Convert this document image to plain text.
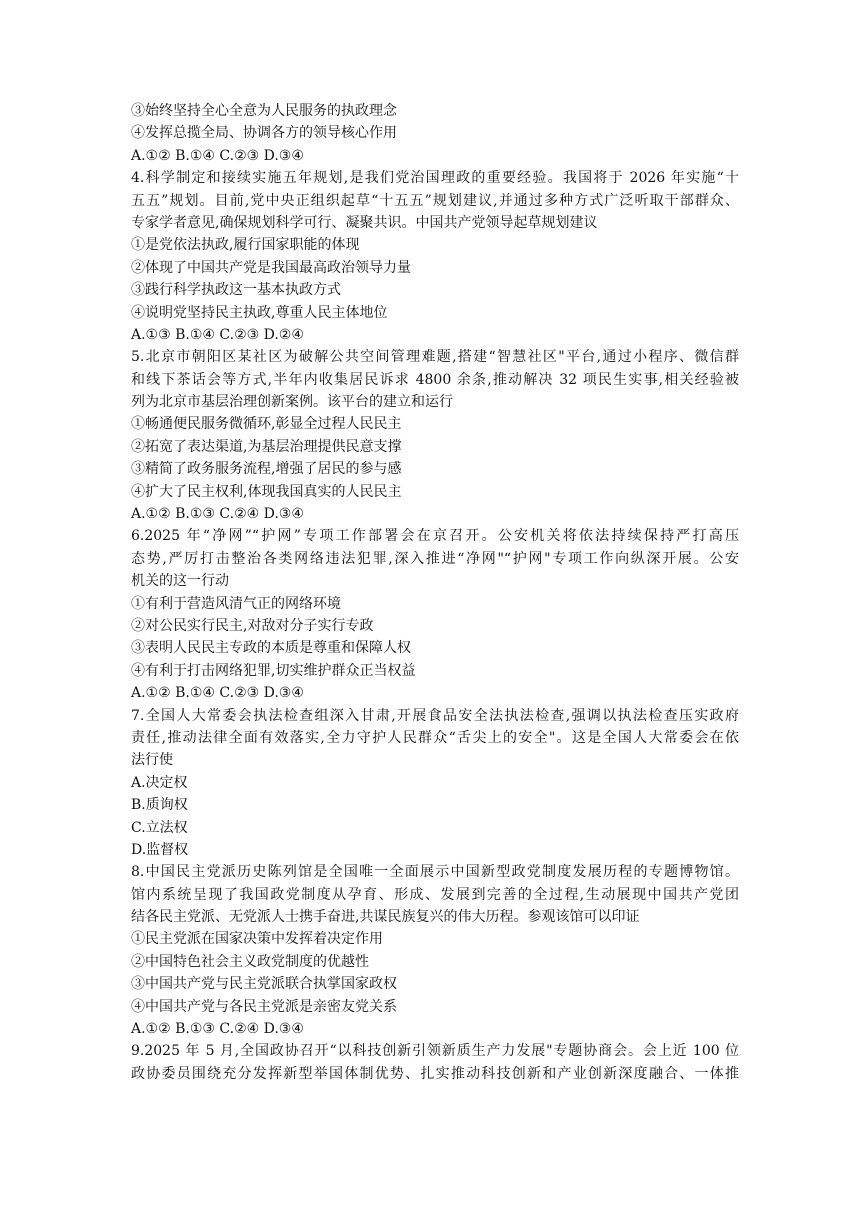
③始终坚持全心全意为人民服务的执政理念
④发挥总揽全局、协调各方的领导核心作用
A.①② B.①④ C.②③ D.③④
4.科学制定和接续实施五年规划,是我们党治国理政的重要经验。我国将于 2026 年实施“十
五五”规划。目前,党中央正组织起草“十五五”规划建议,并通过多种方式广泛听取干部群众、
专家学者意见,确保规划科学可行、凝聚共识。中国共产党领导起草规划建议
①是党依法执政,履行国家职能的体现
②体现了中国共产党是我国最高政治领导力量
③践行科学执政这一基本执政方式
④说明党坚持民主执政,尊重人民主体地位
A.①③ B.①④ C.②③ D.②④
5.北京市朝阳区某社区为破解公共空间管理难题,搭建“智慧社区"平台,通过小程序、微信群
和线下茶话会等方式,半年内收集居民诉求 4800 余条,推动解决 32 项民生实事,相关经验被
列为北京市基层治理创新案例。该平台的建立和运行
①畅通便民服务微循环,彰显全过程人民民主
②拓宽了表达渠道,为基层治理提供民意支撑
③精简了政务服务流程,增强了居民的参与感
④扩大了民主权利,体现我国真实的人民民主
A.①② B.①③ C.②④ D.③④
6.2025 年“净网”“护网”专项工作部署会在京召开。公安机关将依法持续保持严打高压
态势,严厉打击整治各类网络违法犯罪,深入推进“净网"“护网"专项工作向纵深开展。公安
机关的这一行动
①有利于营造风清气正的网络环境
②对公民实行民主,对敌对分子实行专政
③表明人民民主专政的本质是尊重和保障人权
④有利于打击网络犯罪,切实维护群众正当权益
A.①② B.①④ C.②③ D.③④
7.全国人大常委会执法检查组深入甘肃,开展食品安全法执法检查,强调以执法检查压实政府
责任,推动法律全面有效落实,全力守护人民群众“舌尖上的安全"。这是全国人大常委会在依
法行使
A.决定权
B.质询权
C.立法权
D.监督权
8.中国民主党派历史陈列馆是全国唯一全面展示中国新型政党制度发展历程的专题博物馆。
馆内系统呈现了我国政党制度从孕育、形成、发展到完善的全过程,生动展现中国共产党团
结各民主党派、无党派人士携手奋进,共谋民族复兴的伟大历程。参观该馆可以印证
①民主党派在国家决策中发挥着决定作用
②中国特色社会主义政党制度的优越性
③中国共产党与民主党派联合执掌国家政权
④中国共产党与各民主党派是亲密友党关系
A.①② B.①③ C.②④ D.③④
9.2025 年 5 月,全国政协召开“以科技创新引领新质生产力发展"专题协商会。会上近 100 位
政协委员围绕充分发挥新型举国体制优势、扎实推动科技创新和产业创新深度融合、一体推
